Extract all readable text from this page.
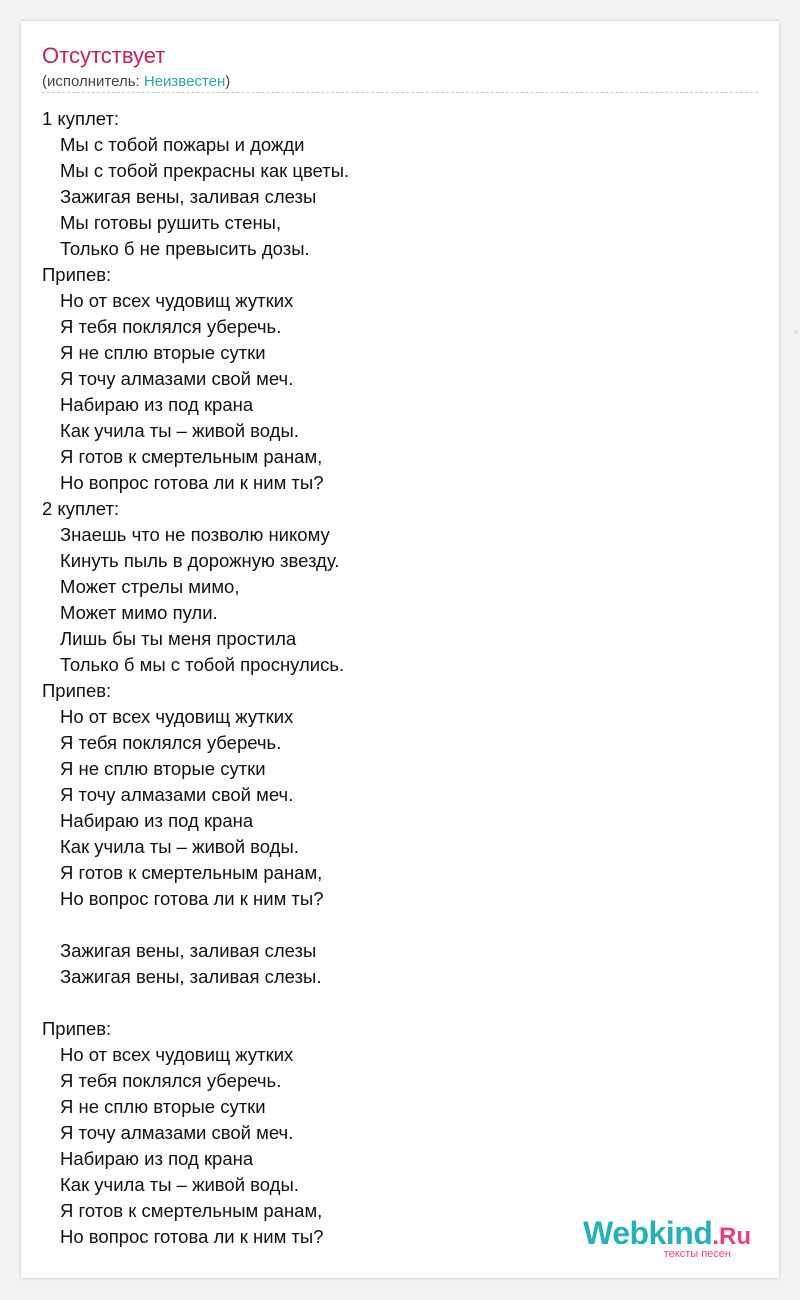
Отсутствует
(исполнитель: Неизвестен)
1 куплет:
Мы с тобой пожары и дожди
Мы с тобой прекрасны как цветы.
Зажигая вены, заливая слезы
Мы готовы рушить стены,
Только б не превысить дозы.
Припев:
Но от всех чудовищ жутких
Я тебя поклялся уберечь.
Я не сплю вторые сутки
Я точу алмазами свой меч.
Набираю из под крана
Как учила ты – живой воды.
Я готов к смертельным ранам,
Но вопрос готова ли к ним ты?
2 куплет:
Знаешь что не позволю никому
Кинуть пыль в дорожную звезду.
Может стрелы мимо,
Может мимо пули.
Лишь бы ты меня простила
Только б мы с тобой проснулись.
Припев:
Но от всех чудовищ жутких
Я тебя поклялся уберечь.
Я не сплю вторые сутки
Я точу алмазами свой меч.
Набираю из под крана
Как учила ты – живой воды.
Я готов к смертельным ранам,
Но вопрос готова ли к ним ты?
Зажигая вены, заливая слезы
Зажигая вены, заливая слезы.
Припев:
Но от всех чудовищ жутких
Я тебя поклялся уберечь.
Я не сплю вторые сутки
Я точу алмазами свой меч.
Набираю из под крана
Как учила ты – живой воды.
Я готов к смертельным ранам,
Но вопрос готова ли к ним ты?	Webkind.Ru
тексты песен
